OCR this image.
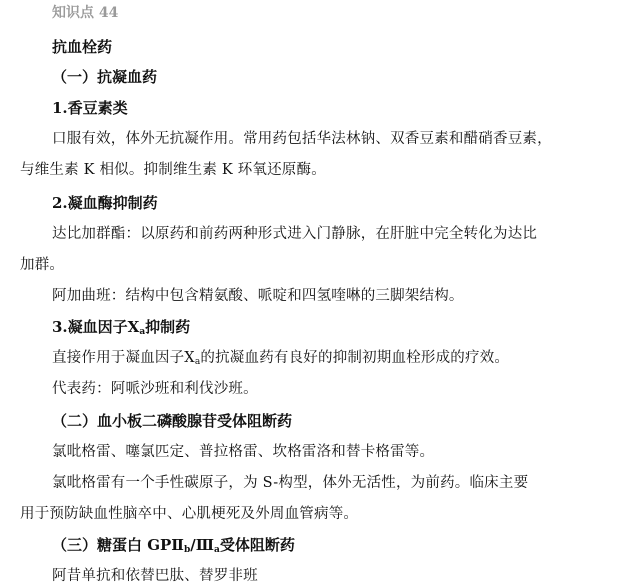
知识点 44
抗血栓药
（一）抗凝血药
1.香豆素类
口服有效，体外无抗凝作用。常用药包括华法林钠、双香豆素和醋硝香豆素，
与维生素 K 相似。抑制维生素 K 环氧还原酶。
2.凝血酶抑制药
达比加群酯：以原药和前药两种形式进入门静脉，在肝脏中完全转化为达比
加群。
阿加曲班：结构中包含精氨酸、哌啶和四氢喹啉的三脚架结构。
3.凝血因子$X_a$抑制药
直接作用于凝血因子$X_a$的抗凝血药有良好的抑制初期血栓形成的疗效。
代表药：阿哌沙班和利伐沙班。
（二）血小板二磷酸腺苷受体阻断药
氯吡格雷、噻氯匹定、普拉格雷、坎格雷洛和替卡格雷等。
氯吡格雷有一个手性碳原子，为 S-构型，体外无活性，为前药。临床主要
用于预防缺血性脑卒中、心肌梗死及外周血管病等。
（三）糖蛋白 $GPⅡ_b/Ⅲ_a$受体阻断药
阿昔单抗和依替巴肽、替罗非班
